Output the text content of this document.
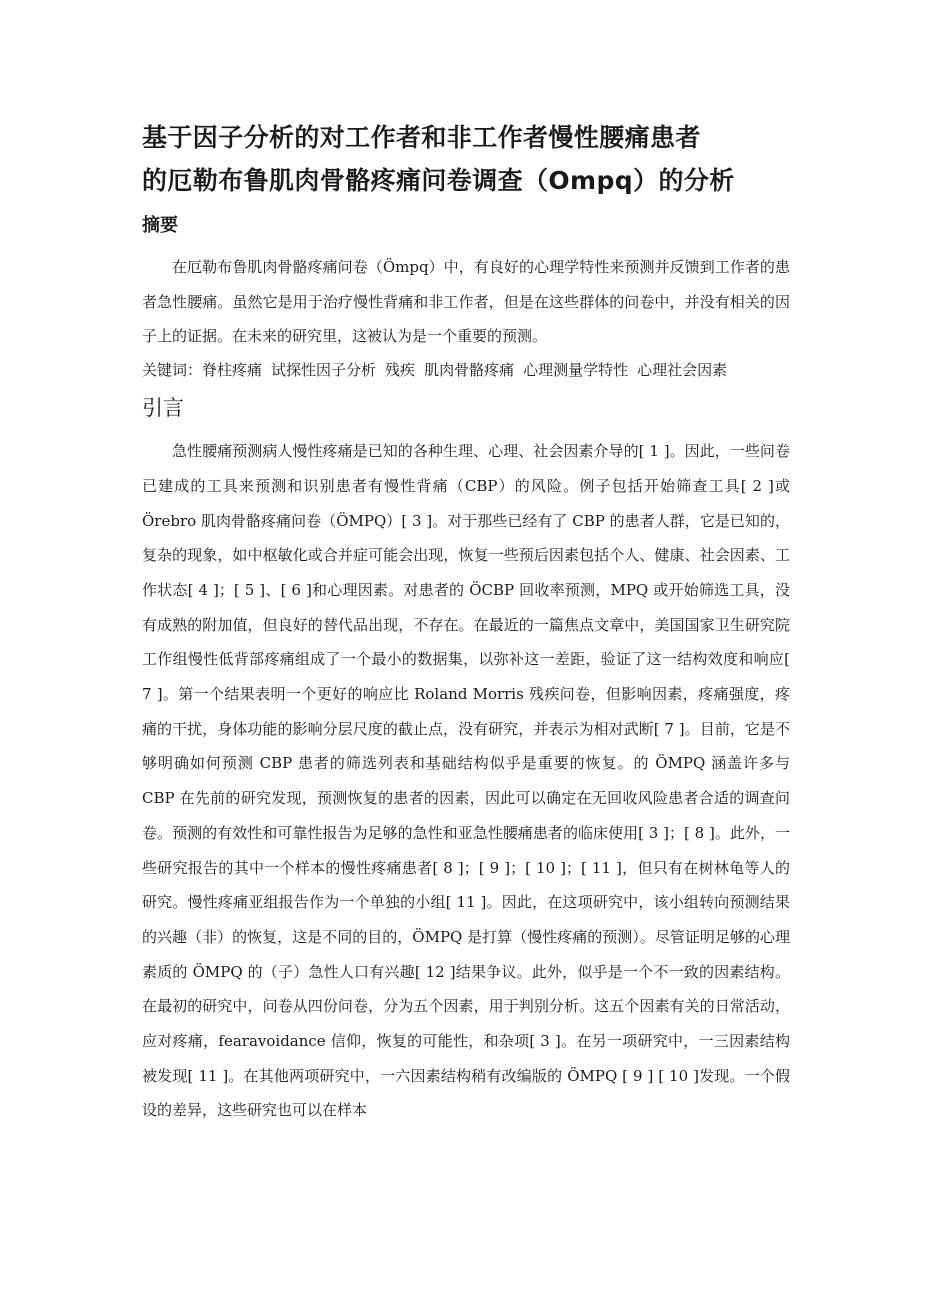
基于因子分析的对工作者和非工作者慢性腰痛患者
的厄勒布鲁肌肉骨骼疼痛问卷调查（Ompq）的分析
摘要

在厄勒布鲁肌肉骨骼疼痛问卷（Ömpq）中，有良好的心理学特性来预测并反馈到工作者的患者急性腰痛。虽然它是用于治疗慢性背痛和非工作者，但是在这些群体的问卷中，并没有相关的因子上的证据。在未来的研究里，这被认为是一个重要的预测。

关键词：脊柱疼痛 试探性因子分析 残疾 肌肉骨骼疼痛 心理测量学特性 心理社会因素

引言

急性腰痛预测病人慢性疼痛是已知的各种生理、心理、社会因素介导的[ 1 ]。因此，一些问卷已建成的工具来预测和识别患者有慢性背痛（CBP）的风险。例子包括开始筛查工具[ 2 ]或 Örebro 肌肉骨骼疼痛问卷（ÖMPQ）[ 3 ]。对于那些已经有了 CBP 的患者人群，它是已知的，复杂的现象，如中枢敏化或合并症可能会出现，恢复一些预后因素包括个人、健康、社会因素、工作状态[ 4 ]；[ 5 ]、[ 6 ]和心理因素。对患者的 ÖCBP 回收率预测，MPQ 或开始筛选工具，没有成熟的附加值，但良好的替代品出现，不存在。在最近的一篇焦点文章中，美国国家卫生研究院工作组慢性低背部疼痛组成了一个最小的数据集，以弥补这一差距，验证了这一结构效度和响应[ 7 ]。第一个结果表明一个更好的响应比 Roland Morris 残疾问卷，但影响因素，疼痛强度，疼痛的干扰，身体功能的影响分层尺度的截止点，没有研究，并表示为相对武断[ 7 ]。目前，它是不够明确如何预测 CBP 患者的筛选列表和基础结构似乎是重要的恢复。的 ÖMPQ 涵盖许多与 CBP 在先前的研究发现，预测恢复的患者的因素，因此可以确定在无回收风险患者合适的调查问卷。预测的有效性和可靠性报告为足够的急性和亚急性腰痛患者的临床使用[ 3 ]；[ 8 ]。此外，一些研究报告的其中一个样本的慢性疼痛患者[ 8 ]；[ 9 ]；[ 10 ]；[ 11 ]，但只有在树林龟等人的研究。慢性疼痛亚组报告作为一个单独的小组[ 11 ]。因此，在这项研究中，该小组转向预测结果的兴趣（非）的恢复，这是不同的目的，ÖMPQ 是打算（慢性疼痛的预测）。尽管证明足够的心理素质的 ÖMPQ 的（子）急性人口有兴趣[ 12 ]结果争议。此外，似乎是一个不一致的因素结构。在最初的研究中，问卷从四份问卷，分为五个因素，用于判别分析。这五个因素有关的日常活动，应对疼痛，fearavoidance 信仰，恢复的可能性，和杂项[ 3 ]。在另一项研究中，一三因素结构被发现[ 11 ]。在其他两项研究中，一六因素结构稍有改编版的 ÖMPQ [ 9 ] [ 10 ]发现。一个假设的差异，这些研究也可以在样本
